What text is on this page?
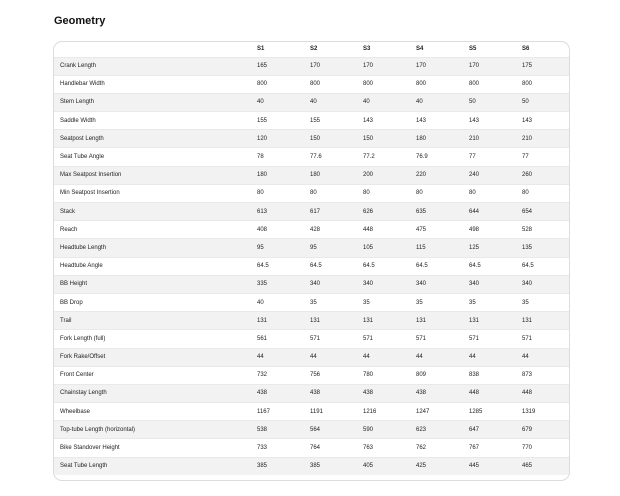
Geometry
	S1	S2	S3	S4	S5	S6
Crank Length	165	170	170	170	170	175
Handlebar Width	800	800	800	800	800	800
Stem Length	40	40	40	40	50	50
Saddle Width	155	155	143	143	143	143
Seatpost Length	120	150	150	180	210	210
Seat Tube Angle	78	77.6	77.2	76.9	77	77
Max Seatpost Insertion	180	180	200	220	240	260
Min Seatpost Insertion	80	80	80	80	80	80
Stack	613	617	626	635	644	654
Reach	408	428	448	475	498	528
Headtube Length	95	95	105	115	125	135
Headtube Angle	64.5	64.5	64.5	64.5	64.5	64.5
BB Height	335	340	340	340	340	340
BB Drop	40	35	35	35	35	35
Trail	131	131	131	131	131	131
Fork Length (full)	561	571	571	571	571	571
Fork Rake/Offset	44	44	44	44	44	44
Front Center	732	756	780	809	838	873
Chainstay Length	438	438	438	438	448	448
Wheelbase	1167	1191	1216	1247	1285	1319
Top-tube Length (horizontal)	538	564	590	623	647	679
Bike Standover Height	733	764	763	762	767	770
Seat Tube Length	385	385	405	425	445	465
